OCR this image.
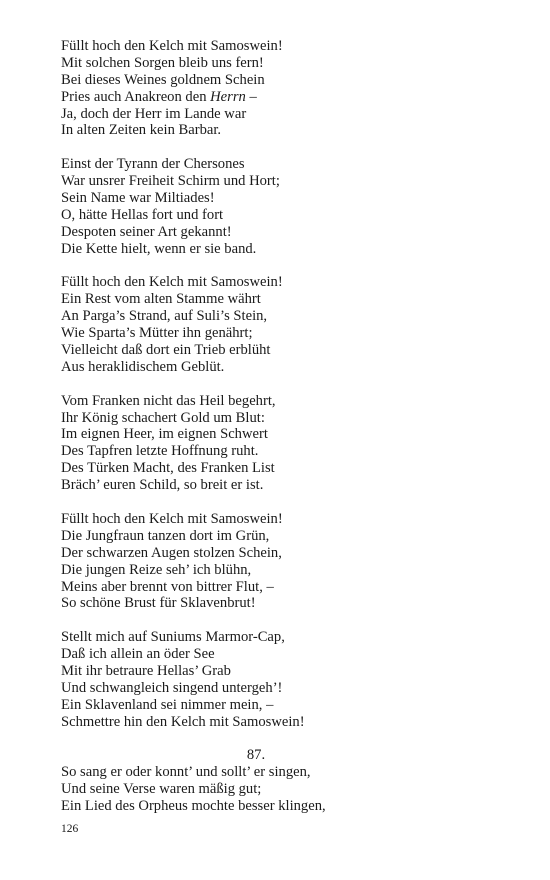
Füllt hoch den Kelch mit Samoswein!
Mit solchen Sorgen bleib uns fern!
Bei dieses Weines goldnem Schein
Pries auch Anakreon den Herrn –
Ja, doch der Herr im Lande war
In alten Zeiten kein Barbar.
Einst der Tyrann der Chersones
War unsrer Freiheit Schirm und Hort;
Sein Name war Miltiades!
O, hätte Hellas fort und fort
Despoten seiner Art gekannt!
Die Kette hielt, wenn er sie band.
Füllt hoch den Kelch mit Samoswein!
Ein Rest vom alten Stamme währt
An Parga’s Strand, auf Suli’s Stein,
Wie Sparta’s Mütter ihn genährt;
Vielleicht daß dort ein Trieb erblüht
Aus heraklidischem Geblüt.
Vom Franken nicht das Heil begehrt,
Ihr König schachert Gold um Blut:
Im eignen Heer, im eignen Schwert
Des Tapfren letzte Hoffnung ruht.
Des Türken Macht, des Franken List
Bräch’ euren Schild, so breit er ist.
Füllt hoch den Kelch mit Samoswein!
Die Jungfraun tanzen dort im Grün,
Der schwarzen Augen stolzen Schein,
Die jungen Reize seh’ ich blühn,
Meins aber brennt von bittrer Flut, –
So schöne Brust für Sklavenbrut!
Stellt mich auf Suniums Marmor-Cap,
Daß ich allein an öder See
Mit ihr betraure Hellas’ Grab
Und schwangleich singend untergeh’!
Ein Sklavenland sei nimmer mein, –
Schmettre hin den Kelch mit Samoswein!
87.
So sang er oder konnt’ und sollt’ er singen,
Und seine Verse waren mäßig gut;
Ein Lied des Orpheus mochte besser klingen,
126
